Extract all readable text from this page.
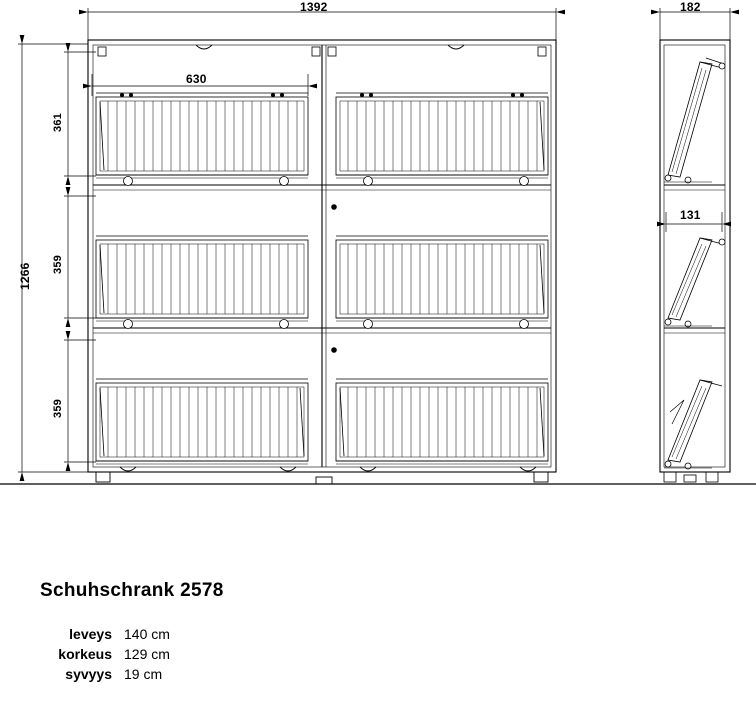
1392	182
1266
361
359
359
630
131
Schuhschrank 2578
leveys 140 cm
korkeus 129 cm
syvyys 19 cm
